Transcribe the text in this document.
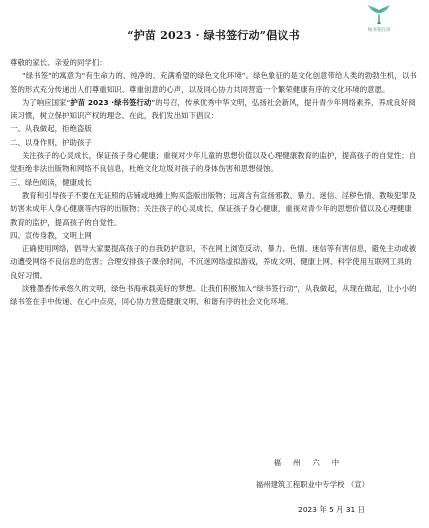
“护苗 2023 · 绿书签行动”倡议书	绿书签行动

尊敬的家长、亲爱的同学们：

“绿书签”的寓意为“有生命力的、纯净的、充满希望的绿色文化环境”。绿色象征的是文化创意带给人类的勃勃生机，以书签的形式充分传递出人们尊重知识、尊重创意的心声，以及同心协力共同营造一个繁荣健康有序的文化环境的意愿。

为了响应国家“护苗 2023 ·绿书签行动”的号召，传承优秀中华文明，弘扬社会新风，提升青少年网络素养，养成良好阅读习惯，树立保护知识产权的理念。在此，我们发出如下倡议：

一、从我做起，拒绝盗版

二、以身作则，护助孩子

关注孩子的心灵成长，保证孩子身心健康；重视对少年儿童的思想价值以及心理健康教育的监护，提高孩子的自觉性；自觉拒绝非法出版物和网络不良信息，杜绝文化垃圾对孩子的身体伤害和思想侵蚀。

三、绿色阅读，健康成长

教育和引导孩子不要在无证照的店铺或地摊上购买盗版出版物；远离含有宣扬邪教、暴力、迷信、淫秽色情、教唆犯罪及妨害未成年人身心健康等内容的出版物；关注孩子的心灵成长，保证孩子身心健康，重视对青少年的思想价值以及心理健康教育的监护，提高孩子的自觉性。

四、宣传身教，文明上网

正确使用网络，倡导大家要提高孩子的自我防护意识，不在网上浏览反动、暴力、色情、迷信等有害信息，避免主动或被动遭受网络不良信息的危害；合理安排孩子课余时间，不沉迷网络虚拟游戏，养成文明、健康上网、科学使用互联网工具的良好习惯。

淡雅墨香传承悠久的文明，绿色书海承载美好的梦想。让我们积极加入“绿书签行动”，从我做起，从现在做起，让小小的绿书签在手中传递、在心中点亮，同心协力营造健康文明、和谐有序的社会文化环境。

福州六中
福州建筑工程职业中专学校 （宣）
2023 年 5 月 31 日
